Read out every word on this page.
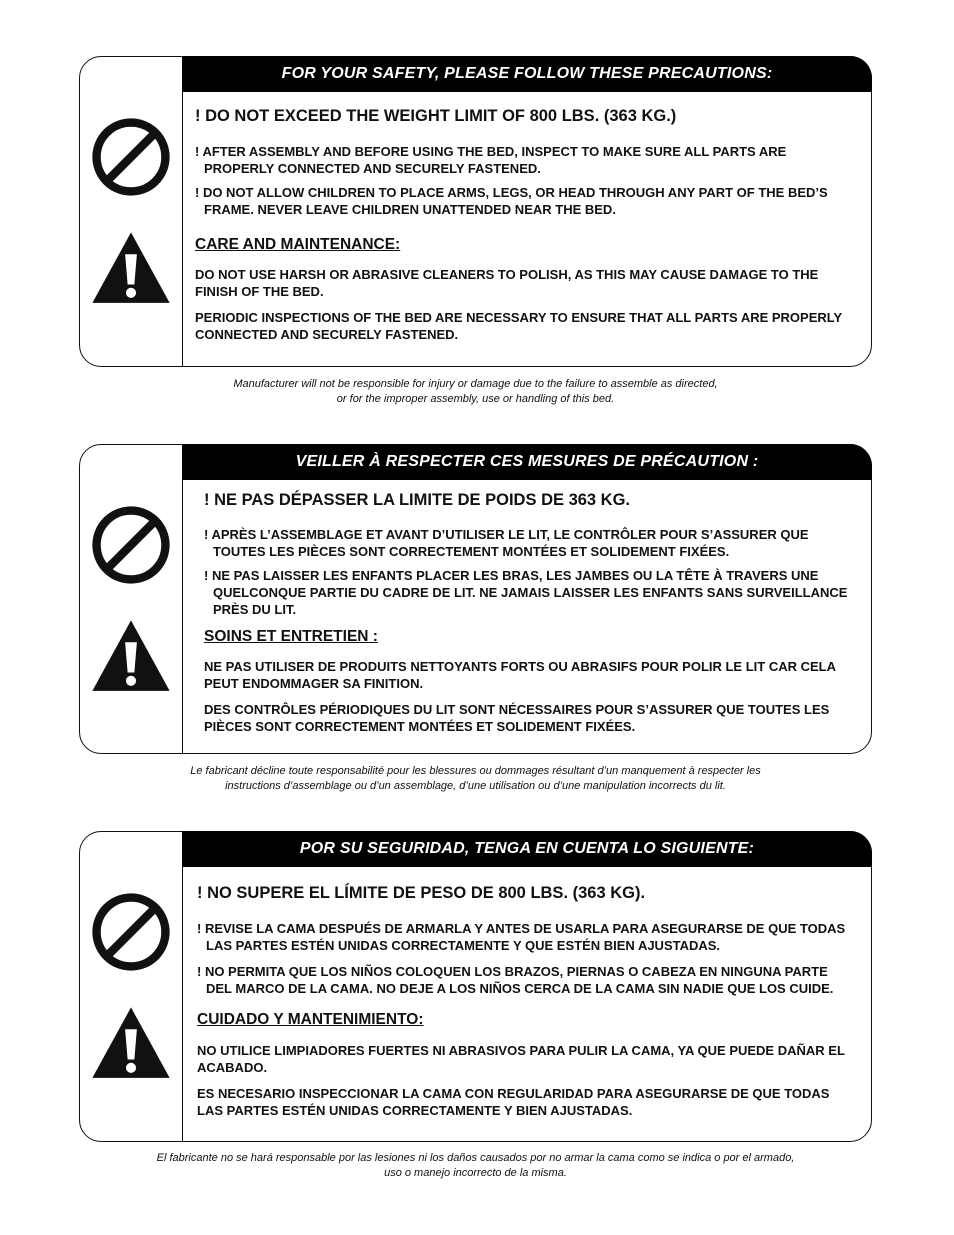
FOR YOUR SAFETY, PLEASE FOLLOW THESE PRECAUTIONS:

! DO NOT EXCEED THE WEIGHT LIMIT OF 800 LBS. (363 KG.)

! AFTER ASSEMBLY AND BEFORE USING THE BED, INSPECT TO MAKE SURE ALL PARTS ARE PROPERLY CONNECTED AND SECURELY FASTENED.

! DO NOT ALLOW CHILDREN TO PLACE ARMS, LEGS, OR HEAD THROUGH ANY PART OF THE BED’S FRAME. NEVER LEAVE CHILDREN UNATTENDED NEAR THE BED.

CARE AND MAINTENANCE:

DO NOT USE HARSH OR ABRASIVE CLEANERS TO POLISH, AS THIS MAY CAUSE DAMAGE TO THE FINISH OF THE BED.

PERIODIC INSPECTIONS OF THE BED ARE NECESSARY TO ENSURE THAT ALL PARTS ARE PROPERLY CONNECTED AND SECURELY FASTENED.

Manufacturer will not be responsible for injury or damage due to the failure to assemble as directed,
or for the improper assembly, use or handling of this bed.
VEILLER À RESPECTER CES MESURES DE PRÉCAUTION :

! NE PAS DÉPASSER LA LIMITE DE POIDS DE 363 KG.

! APRÈS L’ASSEMBLAGE ET AVANT D’UTILISER LE LIT, LE CONTRÔLER POUR S’ASSURER QUE TOUTES LES PIÈCES SONT CORRECTEMENT MONTÉES ET SOLIDEMENT FIXÉES.

! NE PAS LAISSER LES ENFANTS PLACER LES BRAS, LES JAMBES OU LA TÊTE À TRAVERS UNE QUELCONQUE PARTIE DU CADRE DE LIT. NE JAMAIS LAISSER LES ENFANTS SANS SURVEILLANCE PRÈS DU LIT.

SOINS ET ENTRETIEN :

NE PAS UTILISER DE PRODUITS NETTOYANTS FORTS OU ABRASIFS POUR POLIR LE LIT CAR CELA PEUT ENDOMMAGER SA FINITION.

DES CONTRÔLES PÉRIODIQUES DU LIT SONT NÉCESSAIRES POUR S’ASSURER QUE TOUTES LES PIÈCES SONT CORRECTEMENT MONTÉES ET SOLIDEMENT FIXÉES.

Le fabricant décline toute responsabilité pour les blessures ou dommages résultant d’un manquement à respecter les
instructions d’assemblage ou d’un assemblage, d’une utilisation ou d’une manipulation incorrects du lit.
POR SU SEGURIDAD, TENGA EN CUENTA LO SIGUIENTE:

! NO SUPERE EL LÍMITE DE PESO DE 800 LBS. (363 KG).

! REVISE LA CAMA DESPUÉS DE ARMARLA Y ANTES DE USARLA PARA ASEGURARSE DE QUE TODAS LAS PARTES ESTÉN UNIDAS CORRECTAMENTE Y QUE ESTÉN BIEN AJUSTADAS.

! NO PERMITA QUE LOS NIÑOS COLOQUEN LOS BRAZOS, PIERNAS O CABEZA EN NINGUNA PARTE DEL MARCO DE LA CAMA. NO DEJE A LOS NIÑOS CERCA DE LA CAMA SIN NADIE QUE LOS CUIDE.

CUIDADO Y MANTENIMIENTO:

NO UTILICE LIMPIADORES FUERTES NI ABRASIVOS PARA PULIR LA CAMA, YA QUE PUEDE DAÑAR EL ACABADO.

ES NECESARIO INSPECCIONAR LA CAMA CON REGULARIDAD PARA ASEGURARSE DE QUE TODAS LAS PARTES ESTÉN UNIDAS CORRECTAMENTE Y BIEN AJUSTADAS.

El fabricante no se hará responsable por las lesiones ni los daños causados por no armar la cama como se indica o por el armado,
uso o manejo incorrecto de la misma.
